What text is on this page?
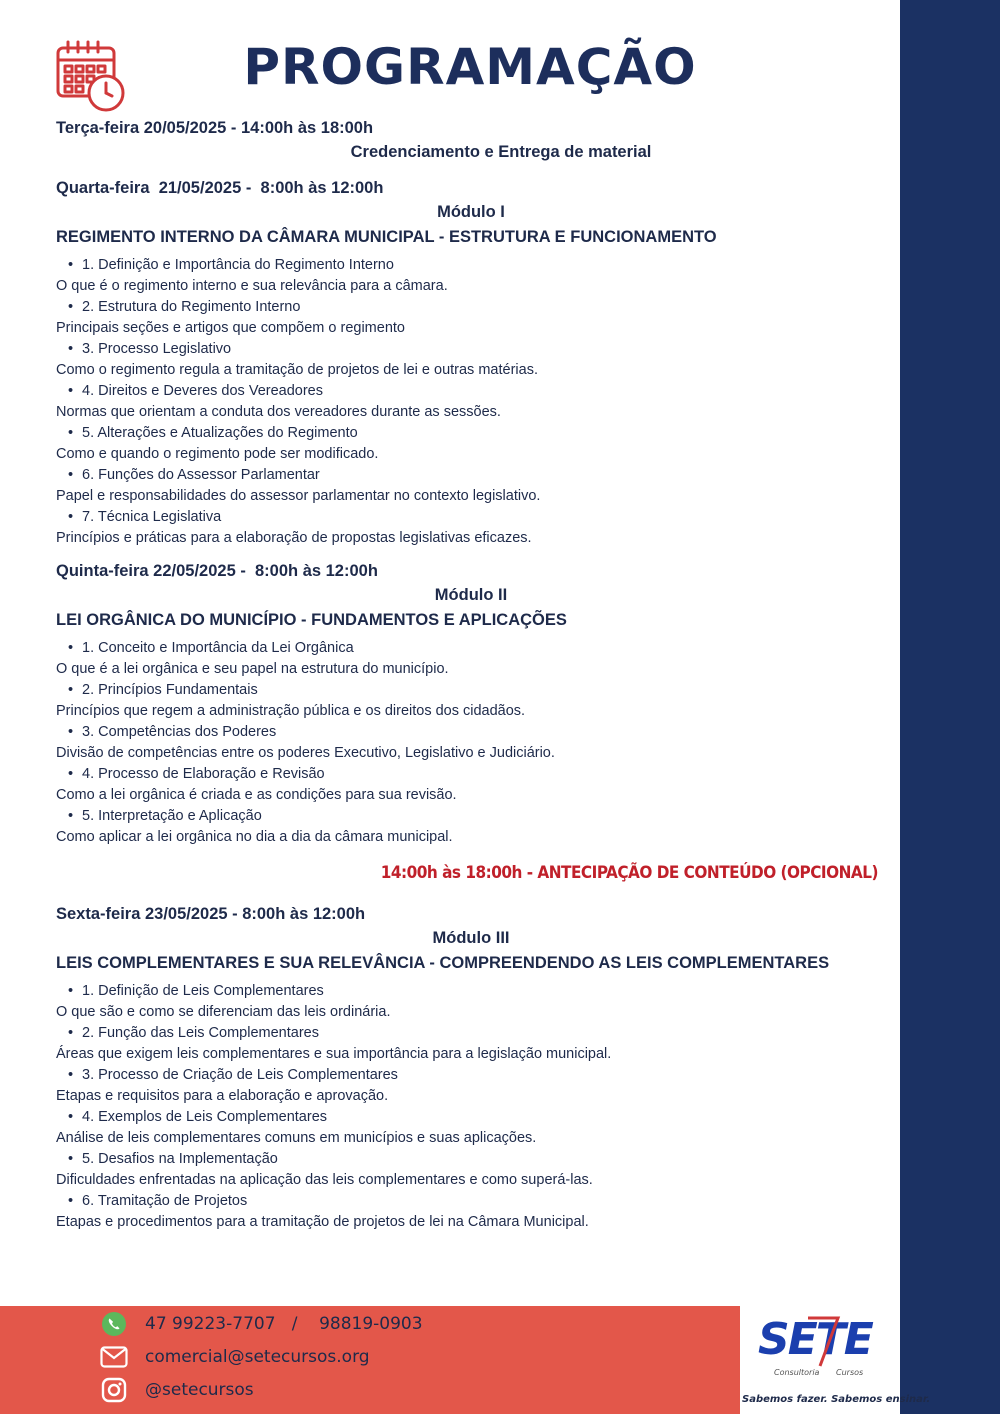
PROGRAMAÇÃO
Terça-feira 20/05/2025 - 14:00h às 18:00h
Credenciamento e Entrega de material
Quarta-feira  21/05/2025 -  8:00h às 12:00h
Módulo I
REGIMENTO INTERNO DA CÂMARA MUNICIPAL - ESTRUTURA E FUNCIONAMENTO
• 1. Definição e Importância do Regimento Interno
O que é o regimento interno e sua relevância para a câmara.
• 2. Estrutura do Regimento Interno
Principais seções e artigos que compõem o regimento
• 3. Processo Legislativo
Como o regimento regula a tramitação de projetos de lei e outras matérias.
• 4. Direitos e Deveres dos Vereadores
Normas que orientam a conduta dos vereadores durante as sessões.
• 5. Alterações e Atualizações do Regimento
Como e quando o regimento pode ser modificado.
• 6. Funções do Assessor Parlamentar
Papel e responsabilidades do assessor parlamentar no contexto legislativo.
• 7. Técnica Legislativa
Princípios e práticas para a elaboração de propostas legislativas eficazes.
Quinta-feira 22/05/2025 -  8:00h às 12:00h
Módulo II
LEI ORGÂNICA DO MUNICÍPIO - FUNDAMENTOS E APLICAÇÕES
• 1. Conceito e Importância da Lei Orgânica
O que é a lei orgânica e seu papel na estrutura do município.
• 2. Princípios Fundamentais
Princípios que regem a administração pública e os direitos dos cidadãos.
• 3. Competências dos Poderes
Divisão de competências entre os poderes Executivo, Legislativo e Judiciário.
• 4. Processo de Elaboração e Revisão
Como a lei orgânica é criada e as condições para sua revisão.
• 5. Interpretação e Aplicação
Como aplicar a lei orgânica no dia a dia da câmara municipal.
14:00h às 18:00h - ANTECIPAÇÃO DE CONTEÚDO (OPCIONAL)
Sexta-feira 23/05/2025 - 8:00h às 12:00h
Módulo III
LEIS COMPLEMENTARES E SUA RELEVÂNCIA - COMPREENDENDO AS LEIS COMPLEMENTARES
• 1. Definição de Leis Complementares
O que são e como se diferenciam das leis ordinária.
• 2. Função das Leis Complementares
Áreas que exigem leis complementares e sua importância para a legislação municipal.
• 3. Processo de Criação de Leis Complementares
Etapas e requisitos para a elaboração e aprovação.
• 4. Exemplos de Leis Complementares
Análise de leis complementares comuns em municípios e suas aplicações.
• 5. Desafios na Implementação
Dificuldades enfrentadas na aplicação das leis complementares e como superá-las.
• 6. Tramitação de Projetos
Etapas e procedimentos para a tramitação de projetos de lei na Câmara Municipal.
47 99223-7707   /    98819-0903
comercial@setecursos.org
@setecursos
SETE
Consultoria Cursos
Sabemos fazer. Sabemos ensinar.
